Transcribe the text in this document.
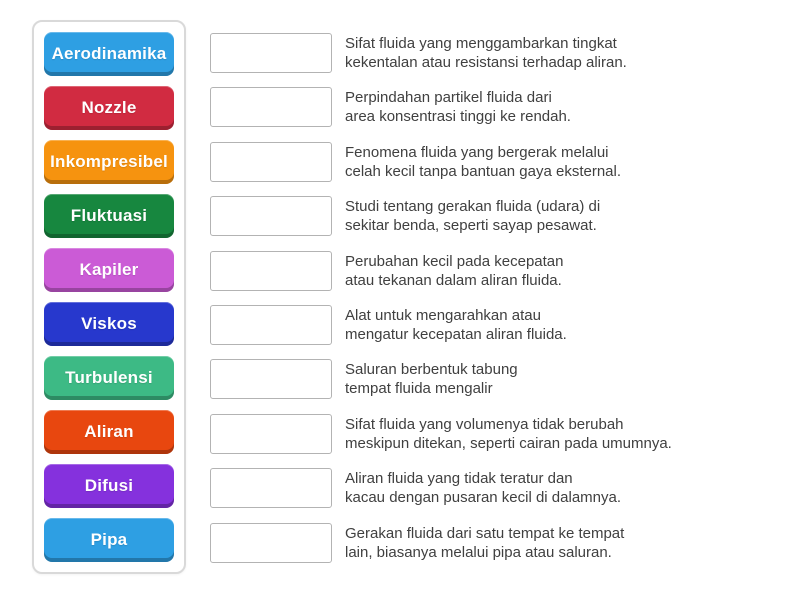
Aerodinamika
Nozzle
Inkompresibel
Fluktuasi
Kapiler
Viskos
Turbulensi
Aliran
Difusi
Pipa
Sifat fluida yang menggambarkan tingkat
kekentalan atau resistansi terhadap aliran.
Perpindahan partikel fluida dari
area konsentrasi tinggi ke rendah.
Fenomena fluida yang bergerak melalui
celah kecil tanpa bantuan gaya eksternal.
Studi tentang gerakan fluida (udara) di
sekitar benda, seperti sayap pesawat.
Perubahan kecil pada kecepatan
atau tekanan dalam aliran fluida.
Alat untuk mengarahkan atau
mengatur kecepatan aliran fluida.
Saluran berbentuk tabung
tempat fluida mengalir
Sifat fluida yang volumenya tidak berubah
meskipun ditekan, seperti cairan pada umumnya.
Aliran fluida yang tidak teratur dan
kacau dengan pusaran kecil di dalamnya.
Gerakan fluida dari satu tempat ke tempat
lain, biasanya melalui pipa atau saluran.
